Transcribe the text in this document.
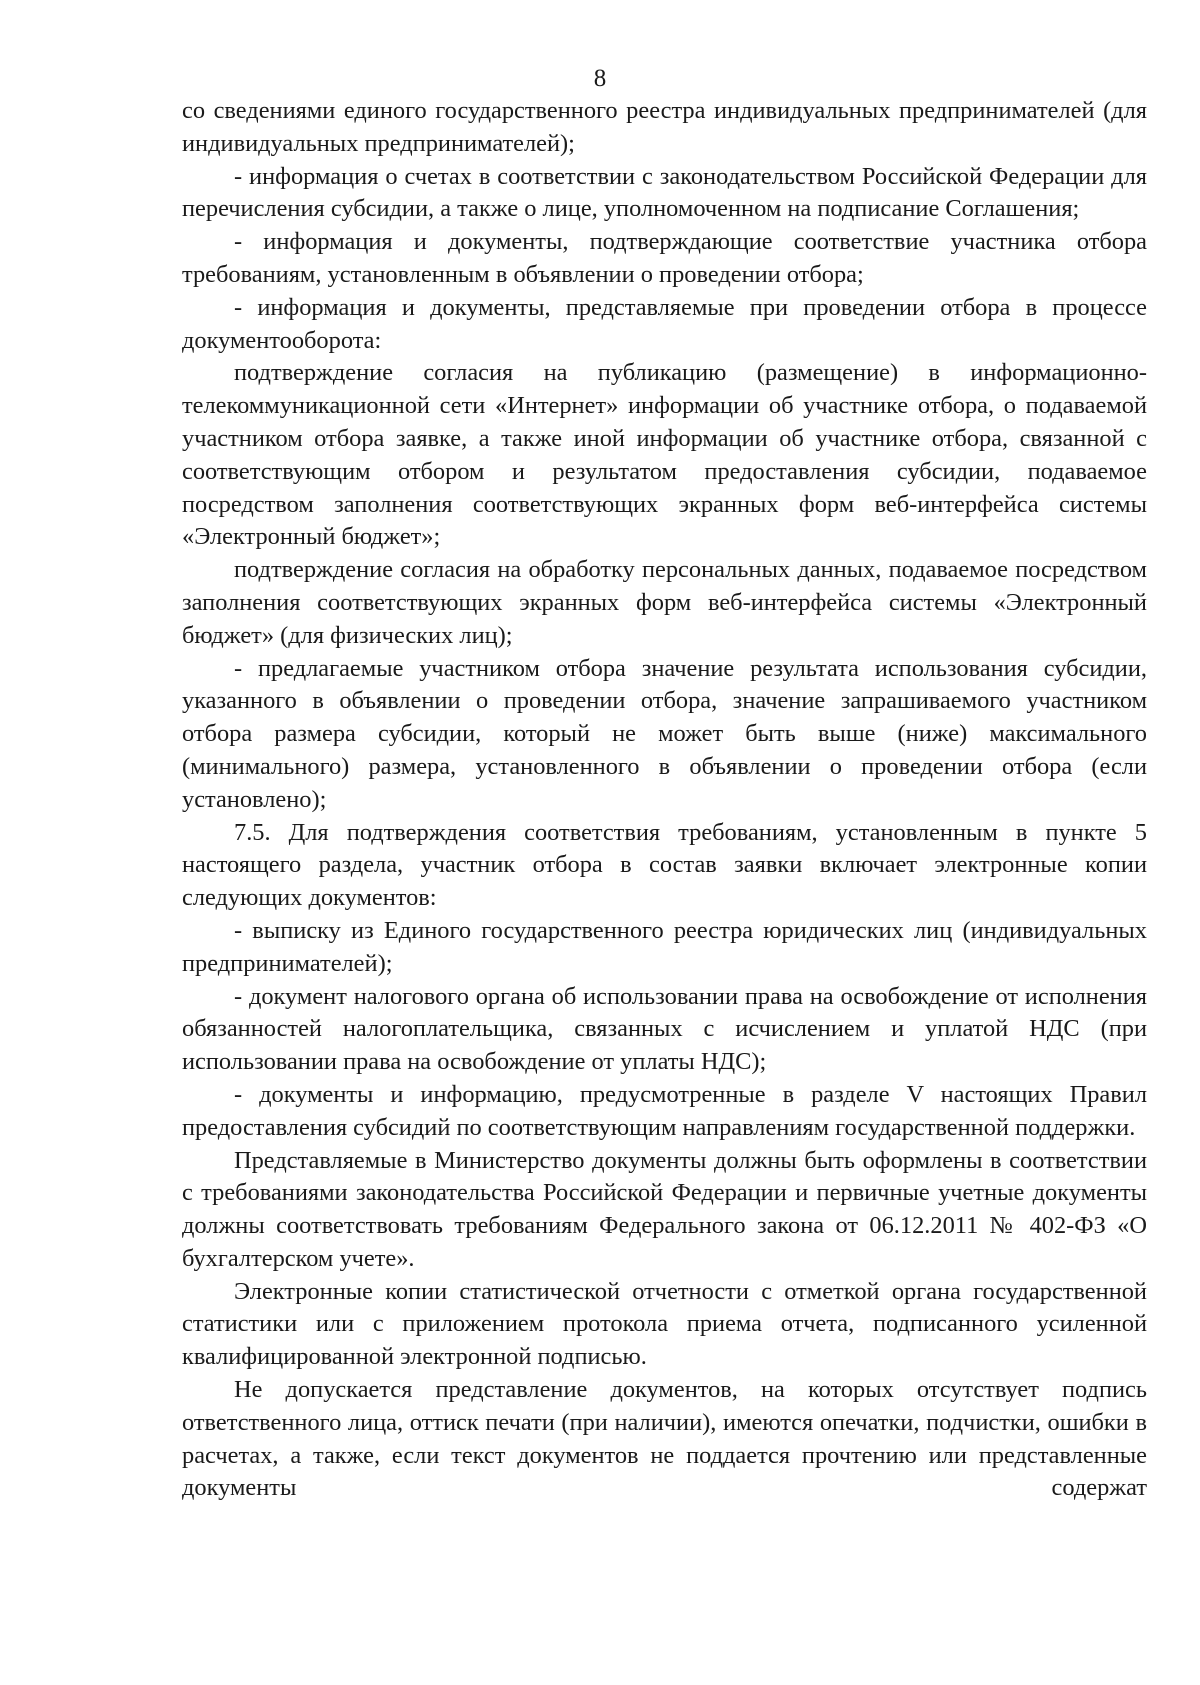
8

со сведениями единого государственного реестра индивидуальных предпринимателей (для индивидуальных предпринимателей);

- информация о счетах в соответствии с законодательством Российской Федерации для перечисления субсидии, а также о лице, уполномоченном на подписание Соглашения;

- информация и документы, подтверждающие соответствие участника отбора требованиям, установленным в объявлении о проведении отбора;

- информация и документы, представляемые при проведении отбора в процессе документооборота:

подтверждение согласия на публикацию (размещение) в информационно-телекоммуникационной сети «Интернет» информации об участнике отбора, о подаваемой участником отбора заявке, а также иной информации об участнике отбора, связанной с соответствующим отбором и результатом предоставления субсидии, подаваемое посредством заполнения соответствующих экранных форм веб-интерфейса системы «Электронный бюджет»;

подтверждение согласия на обработку персональных данных, подаваемое посредством заполнения соответствующих экранных форм веб-интерфейса системы «Электронный бюджет» (для физических лиц);

- предлагаемые участником отбора значение результата использования субсидии, указанного в объявлении о проведении отбора, значение запрашиваемого участником отбора размера субсидии, который не может быть выше (ниже) максимального (минимального) размера, установленного в объявлении о проведении отбора (если установлено);

7.5. Для подтверждения соответствия требованиям, установленным в пункте 5 настоящего раздела, участник отбора в состав заявки включает электронные копии следующих документов:

- выписку из Единого государственного реестра юридических лиц (индивидуальных предпринимателей);

- документ налогового органа об использовании права на освобождение от исполнения обязанностей налогоплательщика, связанных с исчислением и уплатой НДС (при использовании права на освобождение от уплаты НДС);

- документы и информацию, предусмотренные в разделе V настоящих Правил предоставления субсидий по соответствующим направлениям государственной поддержки.

Представляемые в Министерство документы должны быть оформлены в соответствии с требованиями законодательства Российской Федерации и первичные учетные документы должны соответствовать требованиям Федерального закона от 06.12.2011 № 402-ФЗ «О бухгалтерском учете».

Электронные копии статистической отчетности с отметкой органа государственной статистики или с приложением протокола приема отчета, подписанного усиленной квалифицированной электронной подписью.

Не допускается представление документов, на которых отсутствует подпись ответственного лица, оттиск печати (при наличии), имеются опечатки, подчистки, ошибки в расчетах, а также, если текст документов не поддается прочтению или представленные документы содержат
